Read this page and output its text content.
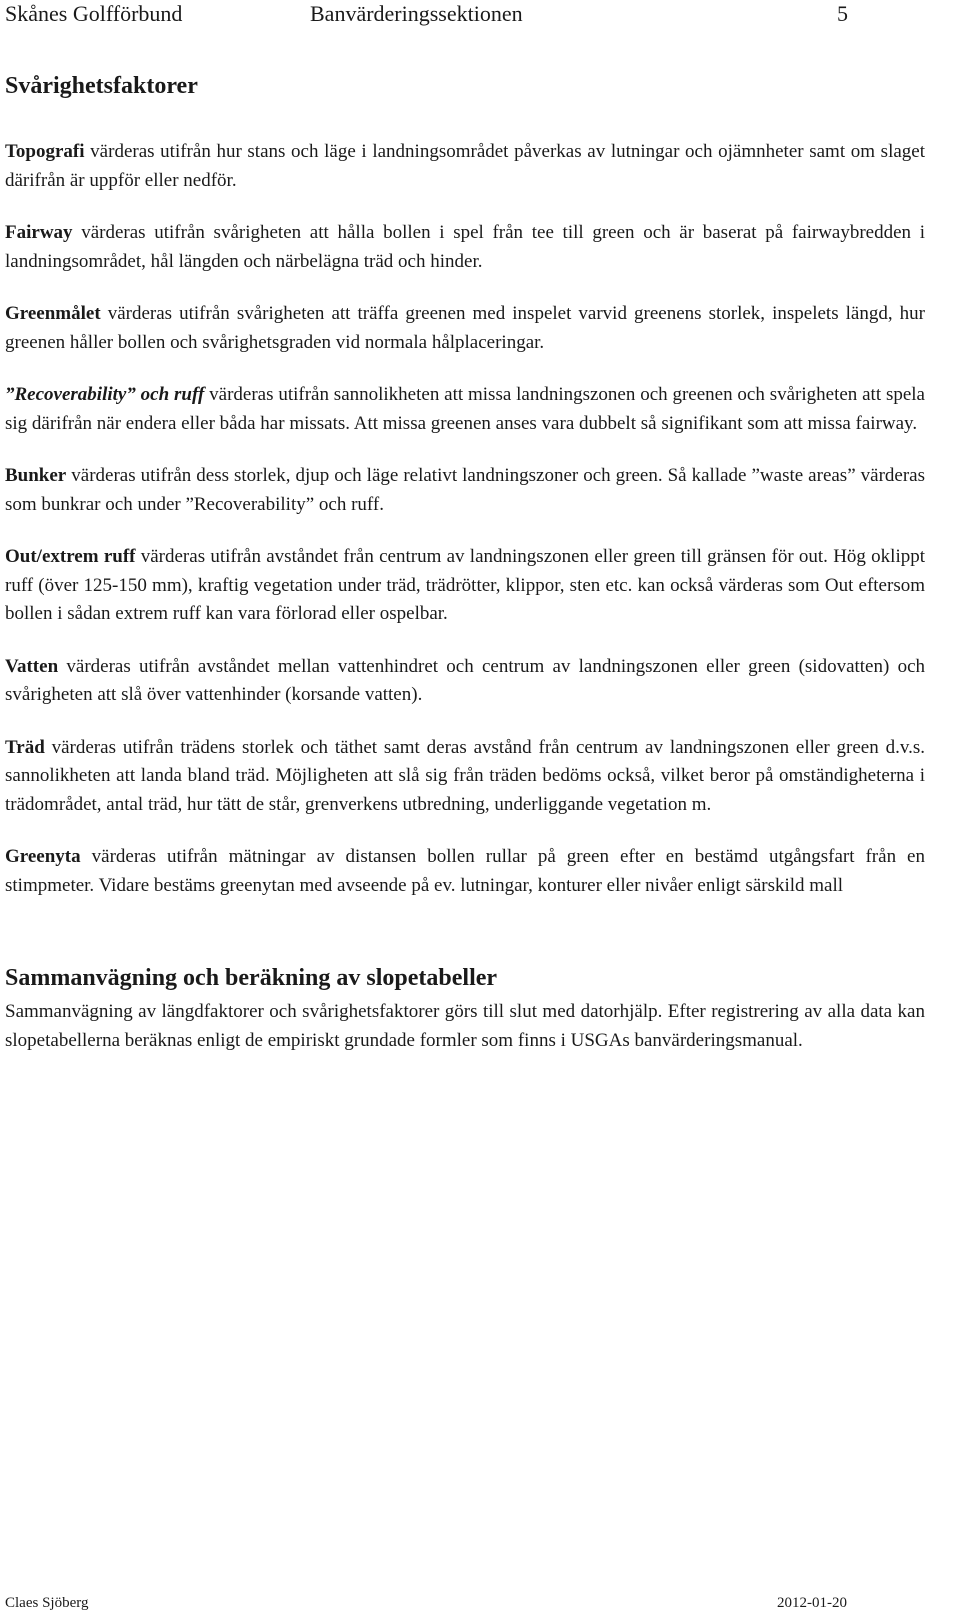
Skånes Golfförbund	Banvärderingssektionen	5
Svårighetsfaktorer

Topografi värderas utifrån hur stans och läge i landningsområdet påverkas av lutningar och ojämnheter samt om slaget därifrån är uppför eller nedför.

Fairway värderas utifrån svårigheten att hålla bollen i spel från tee till green och är baserat på fairwaybredden i landningsområdet, hål längden och närbelägna träd och hinder.

Greenmålet värderas utifrån svårigheten att träffa greenen med inspelet varvid greenens storlek, inspelets längd, hur greenen håller bollen och svårighetsgraden vid normala hålplaceringar.

”Recoverability” och ruff värderas utifrån sannolikheten att missa landningszonen och greenen och svårigheten att spela sig därifrån när endera eller båda har missats. Att missa greenen anses vara dubbelt så signifikant som att missa fairway.

Bunker värderas utifrån dess storlek, djup och läge relativt landningszoner och green. Så kallade ”waste areas” värderas som bunkrar och under ”Recoverability” och ruff.

Out/extrem ruff värderas utifrån avståndet från centrum av landningszonen eller green till gränsen för out. Hög oklippt ruff (över 125-150 mm), kraftig vegetation under träd, trädrötter, klippor, sten etc. kan också värderas som Out eftersom bollen i sådan extrem ruff kan vara förlorad eller ospelbar.

Vatten värderas utifrån avståndet mellan vattenhindret och centrum av landningszonen eller green (sidovatten) och svårigheten att slå över vattenhinder (korsande vatten).

Träd värderas utifrån trädens storlek och täthet samt deras avstånd från centrum av landningszonen eller green d.v.s. sannolikheten att landa bland träd. Möjligheten att slå sig från träden bedöms också, vilket beror på omständigheterna i trädområdet, antal träd, hur tätt de står, grenverkens utbredning, underliggande vegetation m.

Greenyta värderas utifrån mätningar av distansen bollen rullar på green efter en bestämd utgångsfart från en stimpmeter. Vidare bestäms greenytan med avseende på ev. lutningar, konturer eller nivåer enligt särskild mall

Sammanvägning och beräkning av slopetabeller

Sammanvägning av längdfaktorer och svårighetsfaktorer görs till slut med datorhjälp. Efter registrering av alla data kan slopetabellerna beräknas enligt de empiriskt grundade formler som finns i USGAs banvärderingsmanual.

Claes Sjöberg	2012-01-20
